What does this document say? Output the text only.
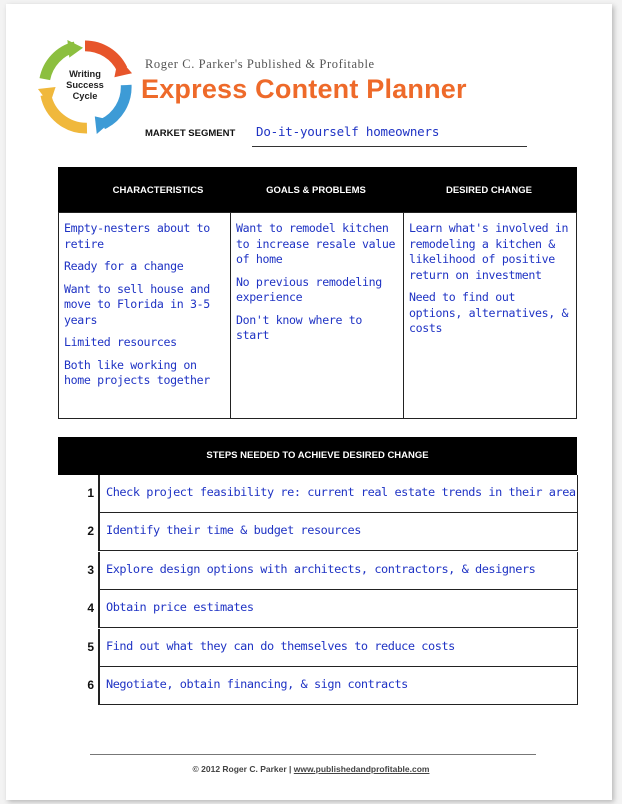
Writing
Success
Cycle
Roger C. Parker's Published & Profitable
Express Content Planner
MARKET SEGMENT Do-it-yourself homeowners
CHARACTERISTICS	GOALS & PROBLEMS	DESIRED CHANGE
Empty-nesters about to retire
Ready for a change
Want to sell house and move to Florida in 3-5 years
Limited resources
Both like working on home projects together
Want to remodel kitchen to increase resale value of home
No previous remodeling experience
Don't know where to start
Learn what's involved in remodeling a kitchen & likelihood of positive return on investment
Need to find out options, alternatives, & costs
STEPS NEEDED TO ACHIEVE DESIRED CHANGE
1 Check project feasibility re: current real estate trends in their area
2 Identify their time & budget resources
3 Explore design options with architects, contractors, & designers
4 Obtain price estimates
5 Find out what they can do themselves to reduce costs
6 Negotiate, obtain financing, & sign contracts
© 2012 Roger C. Parker | www.publishedandprofitable.com
